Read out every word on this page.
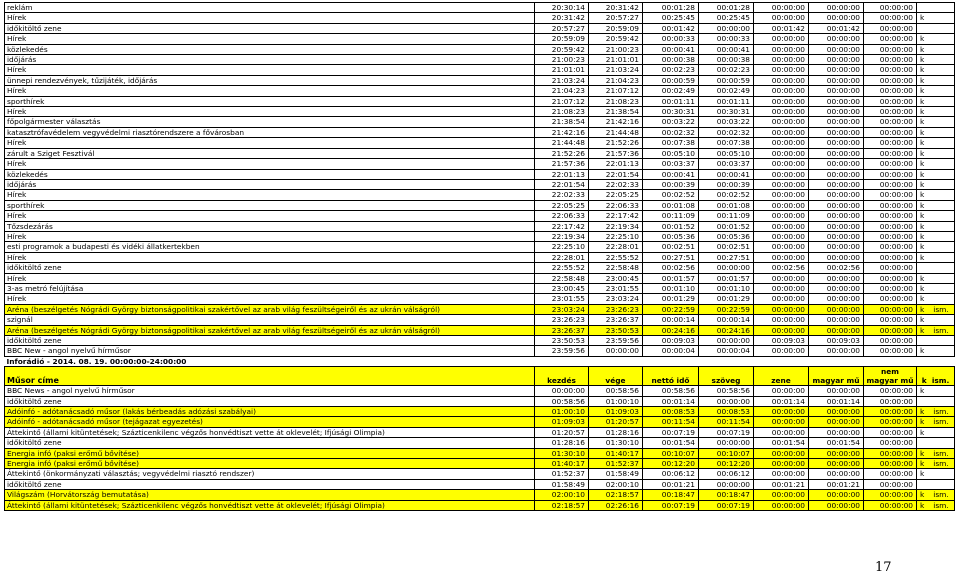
reklám	20:30:14	20:31:42	00:01:28	00:01:28	00:00:00	00:00:00	00:00:00	
Hírek	20:31:42	20:57:27	00:25:45	00:25:45	00:00:00	00:00:00	00:00:00	k
időkitöltő zene	20:57:27	20:59:09	00:01:42	00:00:00	00:01:42	00:01:42	00:00:00	
Hírek	20:59:09	20:59:42	00:00:33	00:00:33	00:00:00	00:00:00	00:00:00	k
közlekedés	20:59:42	21:00:23	00:00:41	00:00:41	00:00:00	00:00:00	00:00:00	k
időjárás	21:00:23	21:01:01	00:00:38	00:00:38	00:00:00	00:00:00	00:00:00	k
Hírek	21:01:01	21:03:24	00:02:23	00:02:23	00:00:00	00:00:00	00:00:00	k
ünnepi rendezvények, tűzijáték, időjárás	21:03:24	21:04:23	00:00:59	00:00:59	00:00:00	00:00:00	00:00:00	k
Hírek	21:04:23	21:07:12	00:02:49	00:02:49	00:00:00	00:00:00	00:00:00	k
sporthírek	21:07:12	21:08:23	00:01:11	00:01:11	00:00:00	00:00:00	00:00:00	k
Hírek	21:08:23	21:38:54	00:30:31	00:30:31	00:00:00	00:00:00	00:00:00	k
főpolgármester választás	21:38:54	21:42:16	00:03:22	00:03:22	00:00:00	00:00:00	00:00:00	k
katasztrófavédelem vegyvédelmi riasztórendszere a fővárosban	21:42:16	21:44:48	00:02:32	00:02:32	00:00:00	00:00:00	00:00:00	k
Hírek	21:44:48	21:52:26	00:07:38	00:07:38	00:00:00	00:00:00	00:00:00	k
zárult a Sziget Fesztivál	21:52:26	21:57:36	00:05:10	00:05:10	00:00:00	00:00:00	00:00:00	k
Hírek	21:57:36	22:01:13	00:03:37	00:03:37	00:00:00	00:00:00	00:00:00	k
közlekedés	22:01:13	22:01:54	00:00:41	00:00:41	00:00:00	00:00:00	00:00:00	k
időjárás	22:01:54	22:02:33	00:00:39	00:00:39	00:00:00	00:00:00	00:00:00	k
Hírek	22:02:33	22:05:25	00:02:52	00:02:52	00:00:00	00:00:00	00:00:00	k
sporthírek	22:05:25	22:06:33	00:01:08	00:01:08	00:00:00	00:00:00	00:00:00	k
Hírek	22:06:33	22:17:42	00:11:09	00:11:09	00:00:00	00:00:00	00:00:00	k
Tőzsdezárás	22:17:42	22:19:34	00:01:52	00:01:52	00:00:00	00:00:00	00:00:00	k
Hírek	22:19:34	22:25:10	00:05:36	00:05:36	00:00:00	00:00:00	00:00:00	k
esti programok a budapesti és vidéki állatkertekben	22:25:10	22:28:01	00:02:51	00:02:51	00:00:00	00:00:00	00:00:00	k
Hírek	22:28:01	22:55:52	00:27:51	00:27:51	00:00:00	00:00:00	00:00:00	k
időkitöltő zene	22:55:52	22:58:48	00:02:56	00:00:00	00:02:56	00:02:56	00:00:00	
Hírek	22:58:48	23:00:45	00:01:57	00:01:57	00:00:00	00:00:00	00:00:00	k
3-as metró felújítása	23:00:45	23:01:55	00:01:10	00:01:10	00:00:00	00:00:00	00:00:00	k
Hírek	23:01:55	23:03:24	00:01:29	00:01:29	00:00:00	00:00:00	00:00:00	k
Aréna (beszélgetés Nógrádi György biztonságpolitikai szakértővel az arab világ feszültségeiről és az ukrán válságról)	23:03:24	23:26:23	00:22:59	00:22:59	00:00:00	00:00:00	00:00:00	k ism.
szignál	23:26:23	23:26:37	00:00:14	00:00:14	00:00:00	00:00:00	00:00:00	k
Aréna (beszélgetés Nógrádi György biztonságpolitikai szakértővel az arab világ feszültségeiről és az ukrán válságról)	23:26:37	23:50:53	00:24:16	00:24:16	00:00:00	00:00:00	00:00:00	k ism.
időkitöltő zene	23:50:53	23:59:56	00:09:03	00:00:00	00:09:03	00:09:03	00:00:00	
BBC New - angol nyelvű hírműsor	23:59:56	00:00:00	00:00:04	00:00:04	00:00:00	00:00:00	00:00:00	k
Inforádió - 2014. 08. 19. 00:00:00-24:00:00								
Műsor címe	kezdés	vége	nettó idő	szöveg	zene	magyar mű	nem magyar mű	k ism.
BBC News - angol nyelvű hírműsor	00:00:00	00:58:56	00:58:56	00:58:56	00:00:00	00:00:00	00:00:00	k
időkitöltő zene	00:58:56	01:00:10	00:01:14	00:00:00	00:01:14	00:01:14	00:00:00	
Adóinfó - adótanácsadó műsor (lakás bérbeadás adózási szabályai)	01:00:10	01:09:03	00:08:53	00:08:53	00:00:00	00:00:00	00:00:00	k ism.
Adóinfó - adótanácsadó műsor (tejágazat egyezetés)	01:09:03	01:20:57	00:11:54	00:11:54	00:00:00	00:00:00	00:00:00	k ism.
Áttekintő (állami kitüntetések; Százticenkilenc végzős honvédtiszt vette át oklevelét; Ifjúsági Olimpia)	01:20:57	01:28:16	00:07:19	00:07:19	00:00:00	00:00:00	00:00:00	k
időkitöltő zene	01:28:16	01:30:10	00:01:54	00:00:00	00:01:54	00:01:54	00:00:00	
Energia infó (paksi erőmű bővítése)	01:30:10	01:40:17	00:10:07	00:10:07	00:00:00	00:00:00	00:00:00	k ism.
Energia infó (paksi erőmű bővítése)	01:40:17	01:52:37	00:12:20	00:12:20	00:00:00	00:00:00	00:00:00	k ism.
Áttekintő (önkormányzati választás; vegyvédelmi riasztó rendszer)	01:52:37	01:58:49	00:06:12	00:06:12	00:00:00	00:00:00	00:00:00	k
időkitöltő zene	01:58:49	02:00:10	00:01:21	00:00:00	00:01:21	00:01:21	00:00:00	
Világszám (Horvátország bemutatása)	02:00:10	02:18:57	00:18:47	00:18:47	00:00:00	00:00:00	00:00:00	k ism.
Áttekintő (állami kitüntetések; Százticenkilenc végzős honvédtiszt vette át oklevelét; Ifjúsági Olimpia)	02:18:57	02:26:16	00:07:19	00:07:19	00:00:00	00:00:00	00:00:00	k ism.
17
